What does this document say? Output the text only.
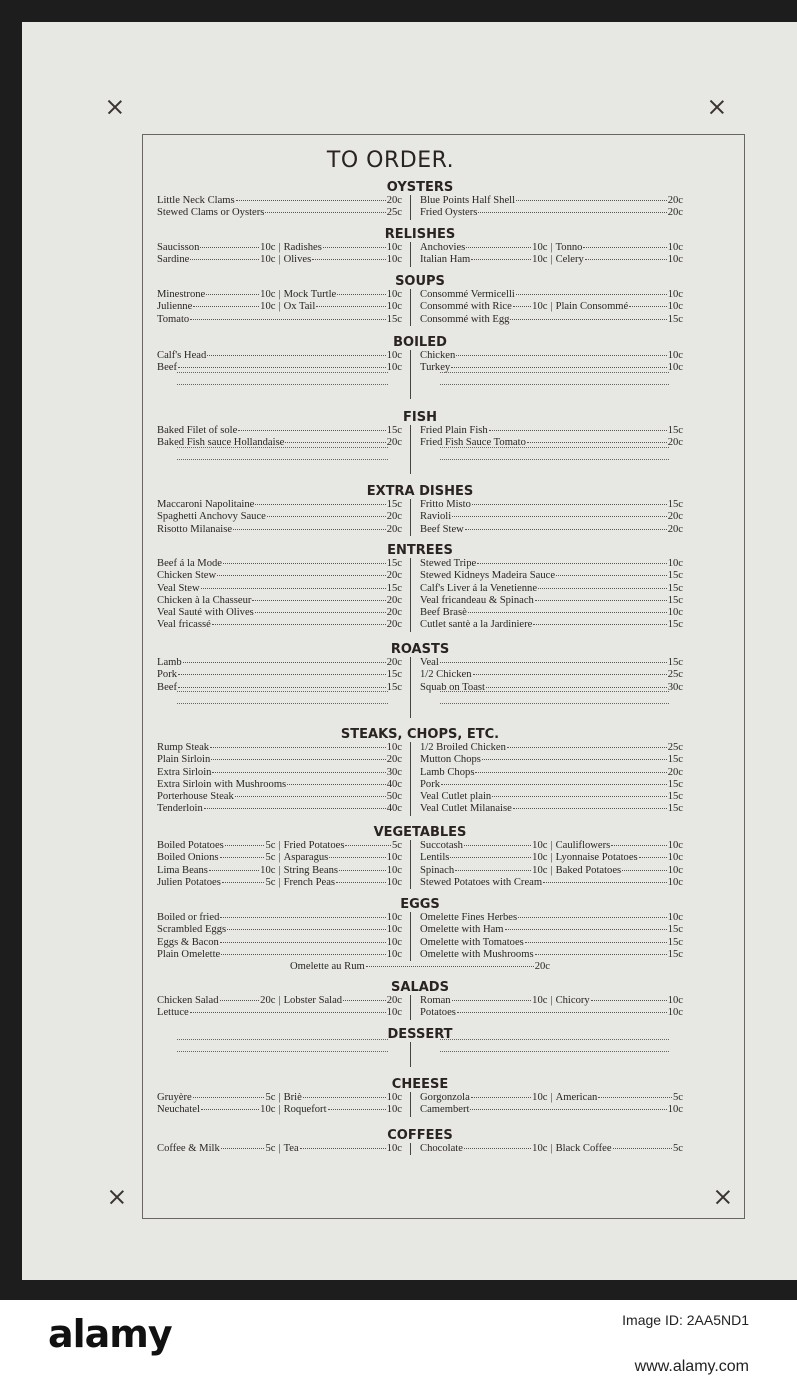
TO ORDER.
OYSTERS
Little Neck Clams	20c Blue Points Half Shell	20c
Stewed Clams or Oysters	25c Fried Oysters	20c
RELISHES
Saucisson	10c | Radishes	10c Anchovies	10c | Tonno	10c
Sardine	10c | Olives	10c Italian Ham	10c | Celery	10c
SOUPS
Minestrone	10c | Mock Turtle	10c Consommé Vermicelli	10c
Julienne	10c | Ox Tail	10c Consommé with Rice 10c | Plain Consommé	10c
Tomato	15c Consommé with Egg	15c
BOILED
Calf's Head	10c Chicken	10c
Beef	10c Turkey	10c
FISH
Baked Filet of sole	15c Fried Plain Fish	15c
Baked Fish sauce Hollandaise	20c Fried Fish Sauce Tomato	20c
EXTRA DISHES
Maccaroni Napolitaine	15c Fritto Misto	15c
Spaghetti Anchovy Sauce	20c Ravioli	20c
Risotto Milanaise	20c Beef Stew	20c
ENTREES
Beef á la Mode	15c Stewed Tripe	10c
Chicken Stew	20c Stewed Kidneys Madeira Sauce	15c
Veal Stew	15c Calf's Liver á la Venetienne	15c
Chicken à la Chasseur	20c Veal fricandeau & Spinach	15c
Veal Sauté with Olives	20c Beef Brasè	10c
Veal fricassé	20c Cutlet santè a la Jardiniere	15c
ROASTS
Lamb	20c Veal	15c
Pork	15c 1/2 Chicken	25c
Beef	15c Squab on Toast	30c
STEAKS, CHOPS, ETC.
Rump Steak	10c 1/2 Broiled Chicken	25c
Plain Sirloin	20c Mutton Chops	15c
Extra Sirloin	30c Lamb Chops	20c
Extra Sirloin with Mushrooms	40c Pork	15c
Porterhouse Steak	50c Veal Cutlet plain	15c
Tenderloin	40c Veal Cutlet Milanaise	15c
VEGETABLES
Boiled Potatoes	5c | Fried Potatoes	5c Succotash	10c | Cauliflowers	10c
Boiled Onions	5c | Asparagus	10c Lentils	10c | Lyonnaise Potatoes	10c
Lima Beans	10c | String Beans	10c Spinach	10c | Baked Potatoes	10c
Julien Potatoes	5c | French Peas	10c Stewed Potatoes with Cream	10c
EGGS
Boiled or fried	10c Omelette Fines Herbes	10c
Scrambled Eggs	10c Omelette with Ham	15c
Eggs & Bacon	10c Omelette with Tomatoes	15c
Plain Omelette	10c Omelette with Mushrooms	15c
Omelette au Rum	20c
SALADS
Chicken Salad	20c | Lobster Salad	20c Roman	10c | Chicory	10c
Lettuce	10c Potatoes	10c
DESSERT
CHEESE
Gruyère	5c | Briè	10c Gorgonzola	10c | American	5c
Neuchatel	10c | Roquefort	10c Camembert	10c
COFFEES
Coffee & Milk	5c | Tea	10c Chocolate	10c | Black Coffee	5c
alamy	Image ID: 2AA5ND1
www.alamy.com
